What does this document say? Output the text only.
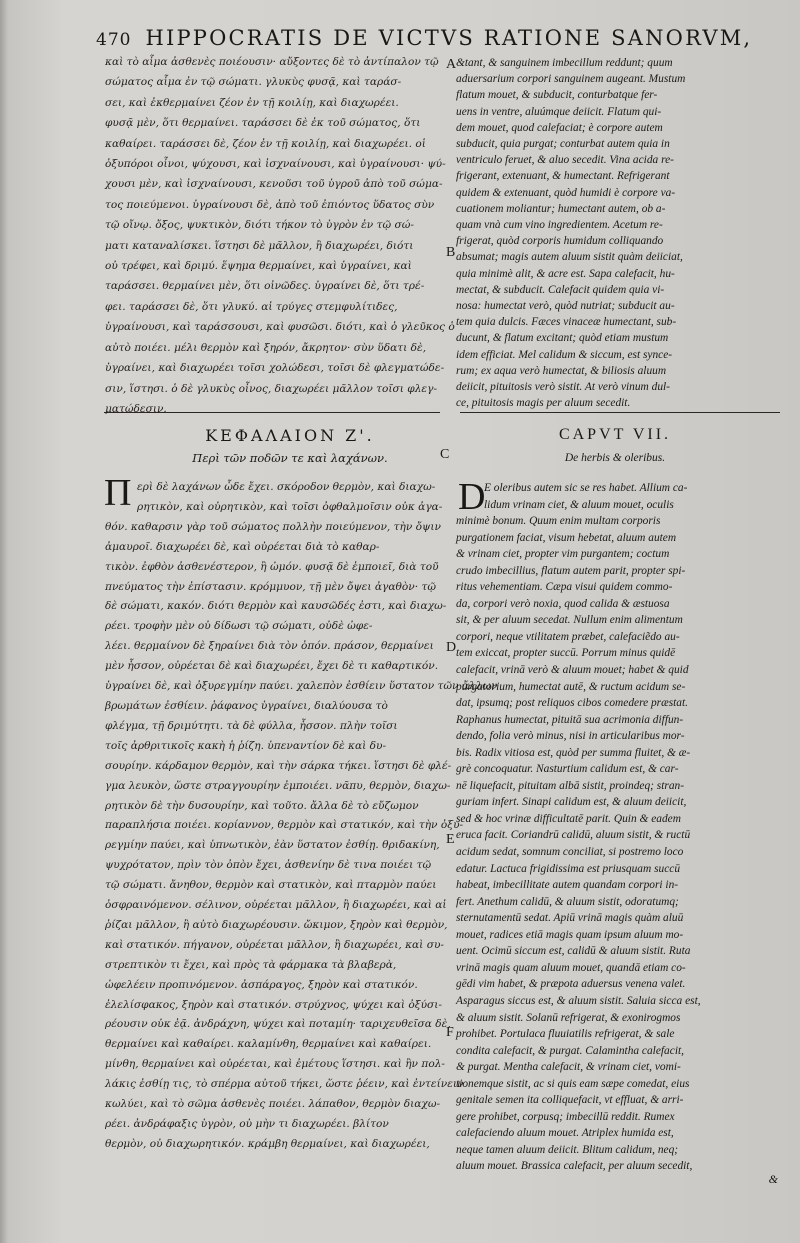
470 HIPPOCRATIS DE VICTVS RATIONE SANORVM,
καὶ τὸ αἷμα ἀσθενὲς ποιέουσιν· αὔξοντες δὲ τὸ ἀντίπαλον τῷ
σώματος αἷμα ἐν τῷ σώματι. γλυκὺς φυσᾷ, καὶ ταράσ-
σει, καὶ ἐκθερμαίνει ζέον ἐν τῇ κοιλίῃ, καὶ διαχωρέει.
φυσᾷ μὲν, ὅτι θερμαίνει. ταράσσει δὲ ἐκ τοῦ σώματος, ὅτι
καθαίρει. ταράσσει δὲ, ζέον ἐν τῇ κοιλίῃ, καὶ διαχωρέει. οἱ
ὀξυπόροι οἶνοι, ψύχουσι, καὶ ἰσχναίνουσι, καὶ ὑγραίνουσι· ψύ-
χουσι μὲν, καὶ ἰσχναίνουσι, κενοῦσι τοῦ ὑγροῦ ἀπὸ τοῦ σώμα-
τος ποιεύμενοι. ὑγραίνουσι δὲ, ἀπὸ τοῦ ἐπιόντος ὕδατος σὺν
τῷ οἴνῳ. ὄξος, ψυκτικὸν, διότι τήκον τὸ ὑγρὸν ἐν τῷ σώ-
ματι καταναλίσκει. ἵστησι δὲ μᾶλλον, ἢ διαχωρέει, διότι
οὐ τρέφει, καὶ δριμύ. ἕψημα θερμαίνει, καὶ ὑγραίνει, καὶ
ταράσσει. θερμαίνει μὲν, ὅτι οἰνῶδες. ὑγραίνει δὲ, ὅτι τρέ-
φει. ταράσσει δὲ, ὅτι γλυκύ. αἱ τρύγες στεμφυλίτιδες,
ὑγραίνουσι, καὶ ταράσσουσι, καὶ φυσῶσι. διότι, καὶ ὁ γλεῦκος ὁ
αὐτὸ ποιέει. μέλι θερμὸν καὶ ξηρόν, ἄκρητον· σὺν ὕδατι δὲ,
ὑγραίνει, καὶ διαχωρέει τοῖσι χολώδεσι, τοῖσι δὲ φλεγματώδε-
σιν, ἵστησι. ὁ δὲ γλυκὺς οἶνος, διαχωρέει μᾶλλον τοῖσι φλεγ-
ματώδεσιν.
&tant, & sanguinem imbecillum reddunt; quum
aduersarium corpori sanguinem augeant. Mustum
flatum mouet, & subducit, conturbatque fer-
uens in ventre, aluúmque deiicit. Flatum qui-
dem mouet, quod calefaciat; è corpore autem
subducit, quia purgat; conturbat autem quia in
ventriculo feruet, & aluo secedit. Vina acida re-
frigerant, extenuant, & humectant. Refrigerant
quidem & extenuant, quòd humidi è corpore va-
cuationem moliantur; humectant autem, ob a-
quam vnà cum vino ingredientem. Acetum re-
frigerat, quòd corporis humidum colliquando
absumat; magis autem aluum sistit quàm deiiciat,
quia minimè alit, & acre est. Sapa calefacit, hu-
mectat, & subducit. Calefacit quidem quia vi-
nosa: humectat verò, quòd nutriat; subducit au-
tem quia dulcis. Fæces vinaceæ humectant, sub-
ducunt, & flatum excitant; quòd etiam mustum
idem efficiat. Mel calidum & siccum, est synce-
rum; ex aqua verò humectat, & biliosis aluum
deiicit, pituitosis verò sistit. At verò vinum dul-
ce, pituitosis magis per aluum secedit.
A
B
C
D
E
F
ΚΕΦΑΛΑΙΟΝ Ζ'.
Περὶ τῶν ποδῶν τε καὶ λαχάνων.
CAPVT VII.
De herbis & oleribus.
Π	D
ερὶ δὲ λαχάνων ὧδε ἔχει. σκόροδον θερμὸν, καὶ διαχω-
ρητικὸν, καὶ οὐρητικὸν, καὶ τοῖσι ὀφθαλμοῖσιν οὐκ ἀγα-
θόν. καθαρσιν γὰρ τοῦ σώματος πολλὴν ποιεύμενον, τὴν ὄψιν
ἀμαυροῖ. διαχωρέει δὲ, καὶ οὐρέεται διὰ τὸ καθαρ-
τικὸν. ἐφθὸν ἀσθενέστερον, ἢ ὠμόν. φυσᾷ δὲ ἐμποιεῖ, διὰ τοῦ
πνεύματος τὴν ἐπίστασιν. κρόμμυον, τῇ μὲν ὄψει ἀγαθὸν· τῷ
δὲ σώματι, κακόν. διότι θερμὸν καὶ καυσῶδές ἐστι, καὶ διαχω-
ρέει. τροφὴν μὲν οὐ δίδωσι τῷ σώματι, οὐδὲ ὠφε-
λέει. θερμαίνον δὲ ξηραίνει διὰ τὸν ὀπόν. πράσον, θερμαίνει
μὲν ἧσσον, οὐρέεται δὲ καὶ διαχωρέει, ἔχει δὲ τι καθαρτικόν.
ὑγραίνει δὲ, καὶ ὀξυρεγμίην παύει. χαλεπὸν ἐσθίειν ὕστατον τῶν ἄλλων
βρωμάτων ἐσθίειν. ῥάφανος ὑγραίνει, διαλύουσα τὸ
φλέγμα, τῇ δριμύτητι. τὰ δὲ φύλλα, ἧσσον. πλὴν τοῖσι
τοῖς ἀρθριτικοῖς κακὴ ἡ ῥίζη. ὑπεναντίον δὲ καὶ δυ-
σουρίην. κάρδαμον θερμὸν, καὶ τὴν σάρκα τήκει. ἵστησι δὲ φλέ-
γμα λευκὸν, ὥστε στραγγουρίην ἐμποιέει. νᾶπυ, θερμὸν, διαχω-
ρητικὸν δὲ τὴν δυσουρίην, καὶ τοῦτο. ἄλλα δὲ τὸ εὔζωμον
παραπλήσια ποιέει. κορίαννον, θερμὸν καὶ στατικόν, καὶ τὴν ὀξυ-
ρεγμίην παύει, καὶ ὑπνωτικὸν, ἐὰν ὕστατον ἐσθίῃ. θριδακίνη,
ψυχρότατον, πρὶν τὸν ὀπὸν ἔχει, ἀσθενίην δὲ τινα ποιέει τῷ
τῷ σώματι. ἄνηθον, θερμὸν καὶ στατικὸν, καὶ πταρμὸν παύει
ὀσφραινόμενον. σέλινον, οὐρέεται μᾶλλον, ἢ διαχωρέει, καὶ αἱ
ῥίζαι μᾶλλον, ἢ αὐτὸ διαχωρέουσιν. ὤκιμον, ξηρὸν καὶ θερμὸν,
καὶ στατικόν. πήγανον, οὐρέεται μᾶλλον, ἢ διαχωρέει, καὶ συ-
στρεπτικὸν τι ἔχει, καὶ πρὸς τὰ φάρμακα τὰ βλαβερὰ,
ὠφελέειν προπινόμενον. ἀσπάραγος, ξηρὸν καὶ στατικόν.
ἐλελίσφακος, ξηρὸν καὶ στατικόν. στρύχνος, ψύχει καὶ ὀξύσι-
ρέουσιν οὐκ ἐᾷ. ἀνδράχνη, ψύχει καὶ ποταμίη· ταριχευθεῖσα δὲ,
θερμαίνει καὶ καθαίρει. καλαμίνθη, θερμαίνει καὶ καθαίρει.
μίνθη, θερμαίνει καὶ οὐρέεται, καὶ ἐμέτους ἵστησι. καὶ ἢν πολ-
λάκις ἐσθίῃ τις, τὸ σπέρμα αὐτοῦ τήκει, ὥστε ῥέειν, καὶ ἐντείνειν
κωλύει, καὶ τὸ σῶμα ἀσθενὲς ποιέει. λάπαθον, θερμὸν διαχω-
ρέει. ἀνδράφαξις ὑγρὸν, οὐ μὴν τι διαχωρέει. βλίτον
θερμὸν, οὐ διαχωρητικόν. κράμβη θερμαίνει, καὶ διαχωρέει,
E oleribus autem sic se res habet. Allium ca-
lidum vrinam ciet, & aluum mouet, oculis
minimè bonum. Quum enim multam corporis
purgationem faciat, visum hebetat, aluum autem
& vrinam ciet, propter vim purgantem; coctum
crudo imbecillius, flatum autem parit, propter spi-
ritus vehementiam. Cæpa visui quidem commo-
da, corpori verò noxia, quod calida & æstuosa
sit, & per aluum secedat. Nullum enim alimentum
corpori, neque vtilitatem præbet, calefaciẽdo au-
tem exiccat, propter succū. Porrum minus quidē
calefacit, vrinā verò & aluum mouet; habet & quid
purgatorium, humectat autē, & ructum acidum se-
dat, ipsumq; post reliquos cibos comedere præstat.
Raphanus humectat, pituitā sua acrimonia diffun-
dendo, folia verò minus, nisi in articularibus mor-
bis. Radix vitiosa est, quòd per summa fluitet, & æ-
grè concoquatur. Nasturtium calidum est, & car-
nē liquefacit, pituitam albā sistit, proindeq; stran-
guriam infert. Sinapi calidum est, & aluum deiicit,
sed & hoc vrinæ difficultatē parit. Quin & eadem
eruca facit. Coriandrū calidū, aluum sistit, & ructū
acidum sedat, somnum conciliat, si postremo loco
edatur. Lactuca frigidissima est priusquam succū
habeat, imbecillitate autem quandam corpori in-
fert. Anethum calidū, & aluum sistit, odoratumq;
sternutamentū sedat. Apiū vrinā magis quàm aluū
mouet, radices etiā magis quam ipsum aluum mo-
uent. Ocimū siccum est, calidū & aluum sistit. Ruta
vrinā magis quam aluum mouet, quandā etiam co-
gēdi vim habet, & præpota aduersus venena valet.
Asparagus siccus est, & aluum sistit. Saluia sicca est,
& aluum sistit. Solanū refrigerat, & exonirogmos
prohibet. Portulaca fluuiatilis refrigerat, & sale
condita calefacit, & purgat. Calamintha calefacit,
& purgat. Mentha calefacit, & vrinam ciet, vomi-
tionemque sistit, ac si quis eam sæpe comedat, eius
genitale semen ita colliquefacit, vt effluat, & arri-
gere prohibet, corpusq; imbecillū reddit. Rumex
calefaciendo aluum mouet. Atriplex humida est,
neque tamen aluum deiicit. Blitum calidum, neq;
aluum mouet. Brassica calefacit, per aluum secedit,
&
